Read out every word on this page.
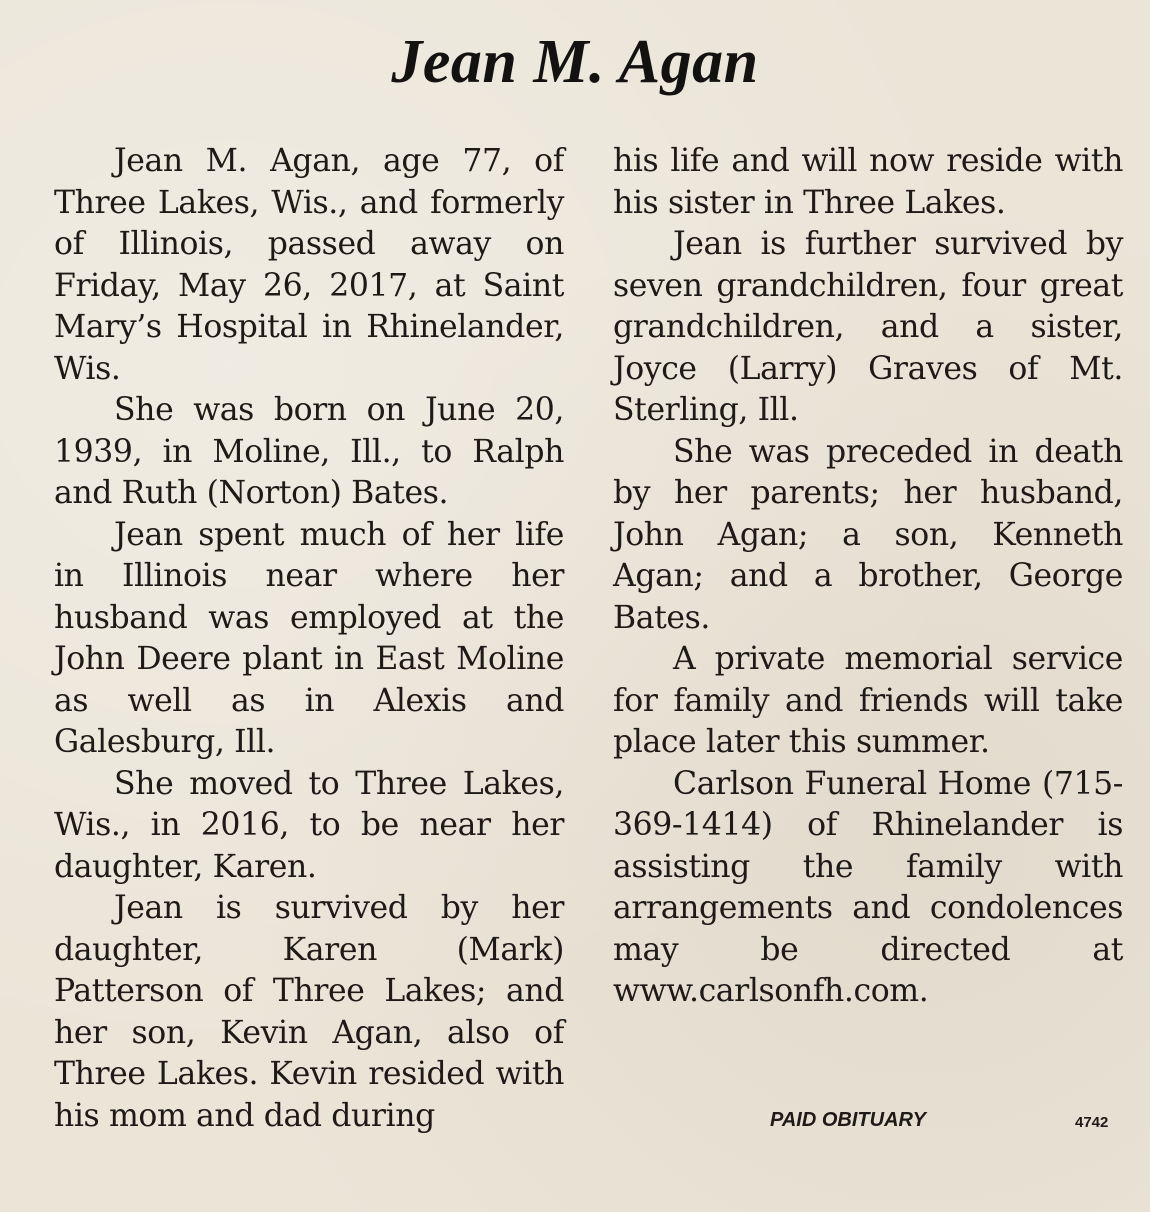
Jean M. Agan

Jean M. Agan, age 77, of Three Lakes, Wis., and formerly of Illinois, passed away on Friday, May 26, 2017, at Saint Mary’s Hospital in Rhinelander, Wis.

She was born on June 20, 1939, in Moline, Ill., to Ralph and Ruth (Norton) Bates.

Jean spent much of her life in Illinois near where her husband was employed at the John Deere plant in East Moline as well as in Alexis and Galesburg, Ill.

She moved to Three Lakes, Wis., in 2016, to be near her daughter, Karen.

Jean is survived by her daughter, Karen (Mark) Patterson of Three Lakes; and her son, Kevin Agan, also of Three Lakes. Kevin resided with his mom and dad during

his life and will now reside with his sister in Three Lakes.

Jean is further survived by seven grandchildren, four great grandchildren, and a sister, Joyce (Larry) Graves of Mt. Sterling, Ill.

She was preceded in death by her parents; her husband, John Agan; a son, Kenneth Agan; and a brother, George Bates.

A private memorial service for family and friends will take place later this summer.

Carlson Funeral Home (715-369-1414) of Rhinelander is assisting the family with arrangements and condolences may be directed at www.carlsonfh.com.

PAID OBITUARY	4742
